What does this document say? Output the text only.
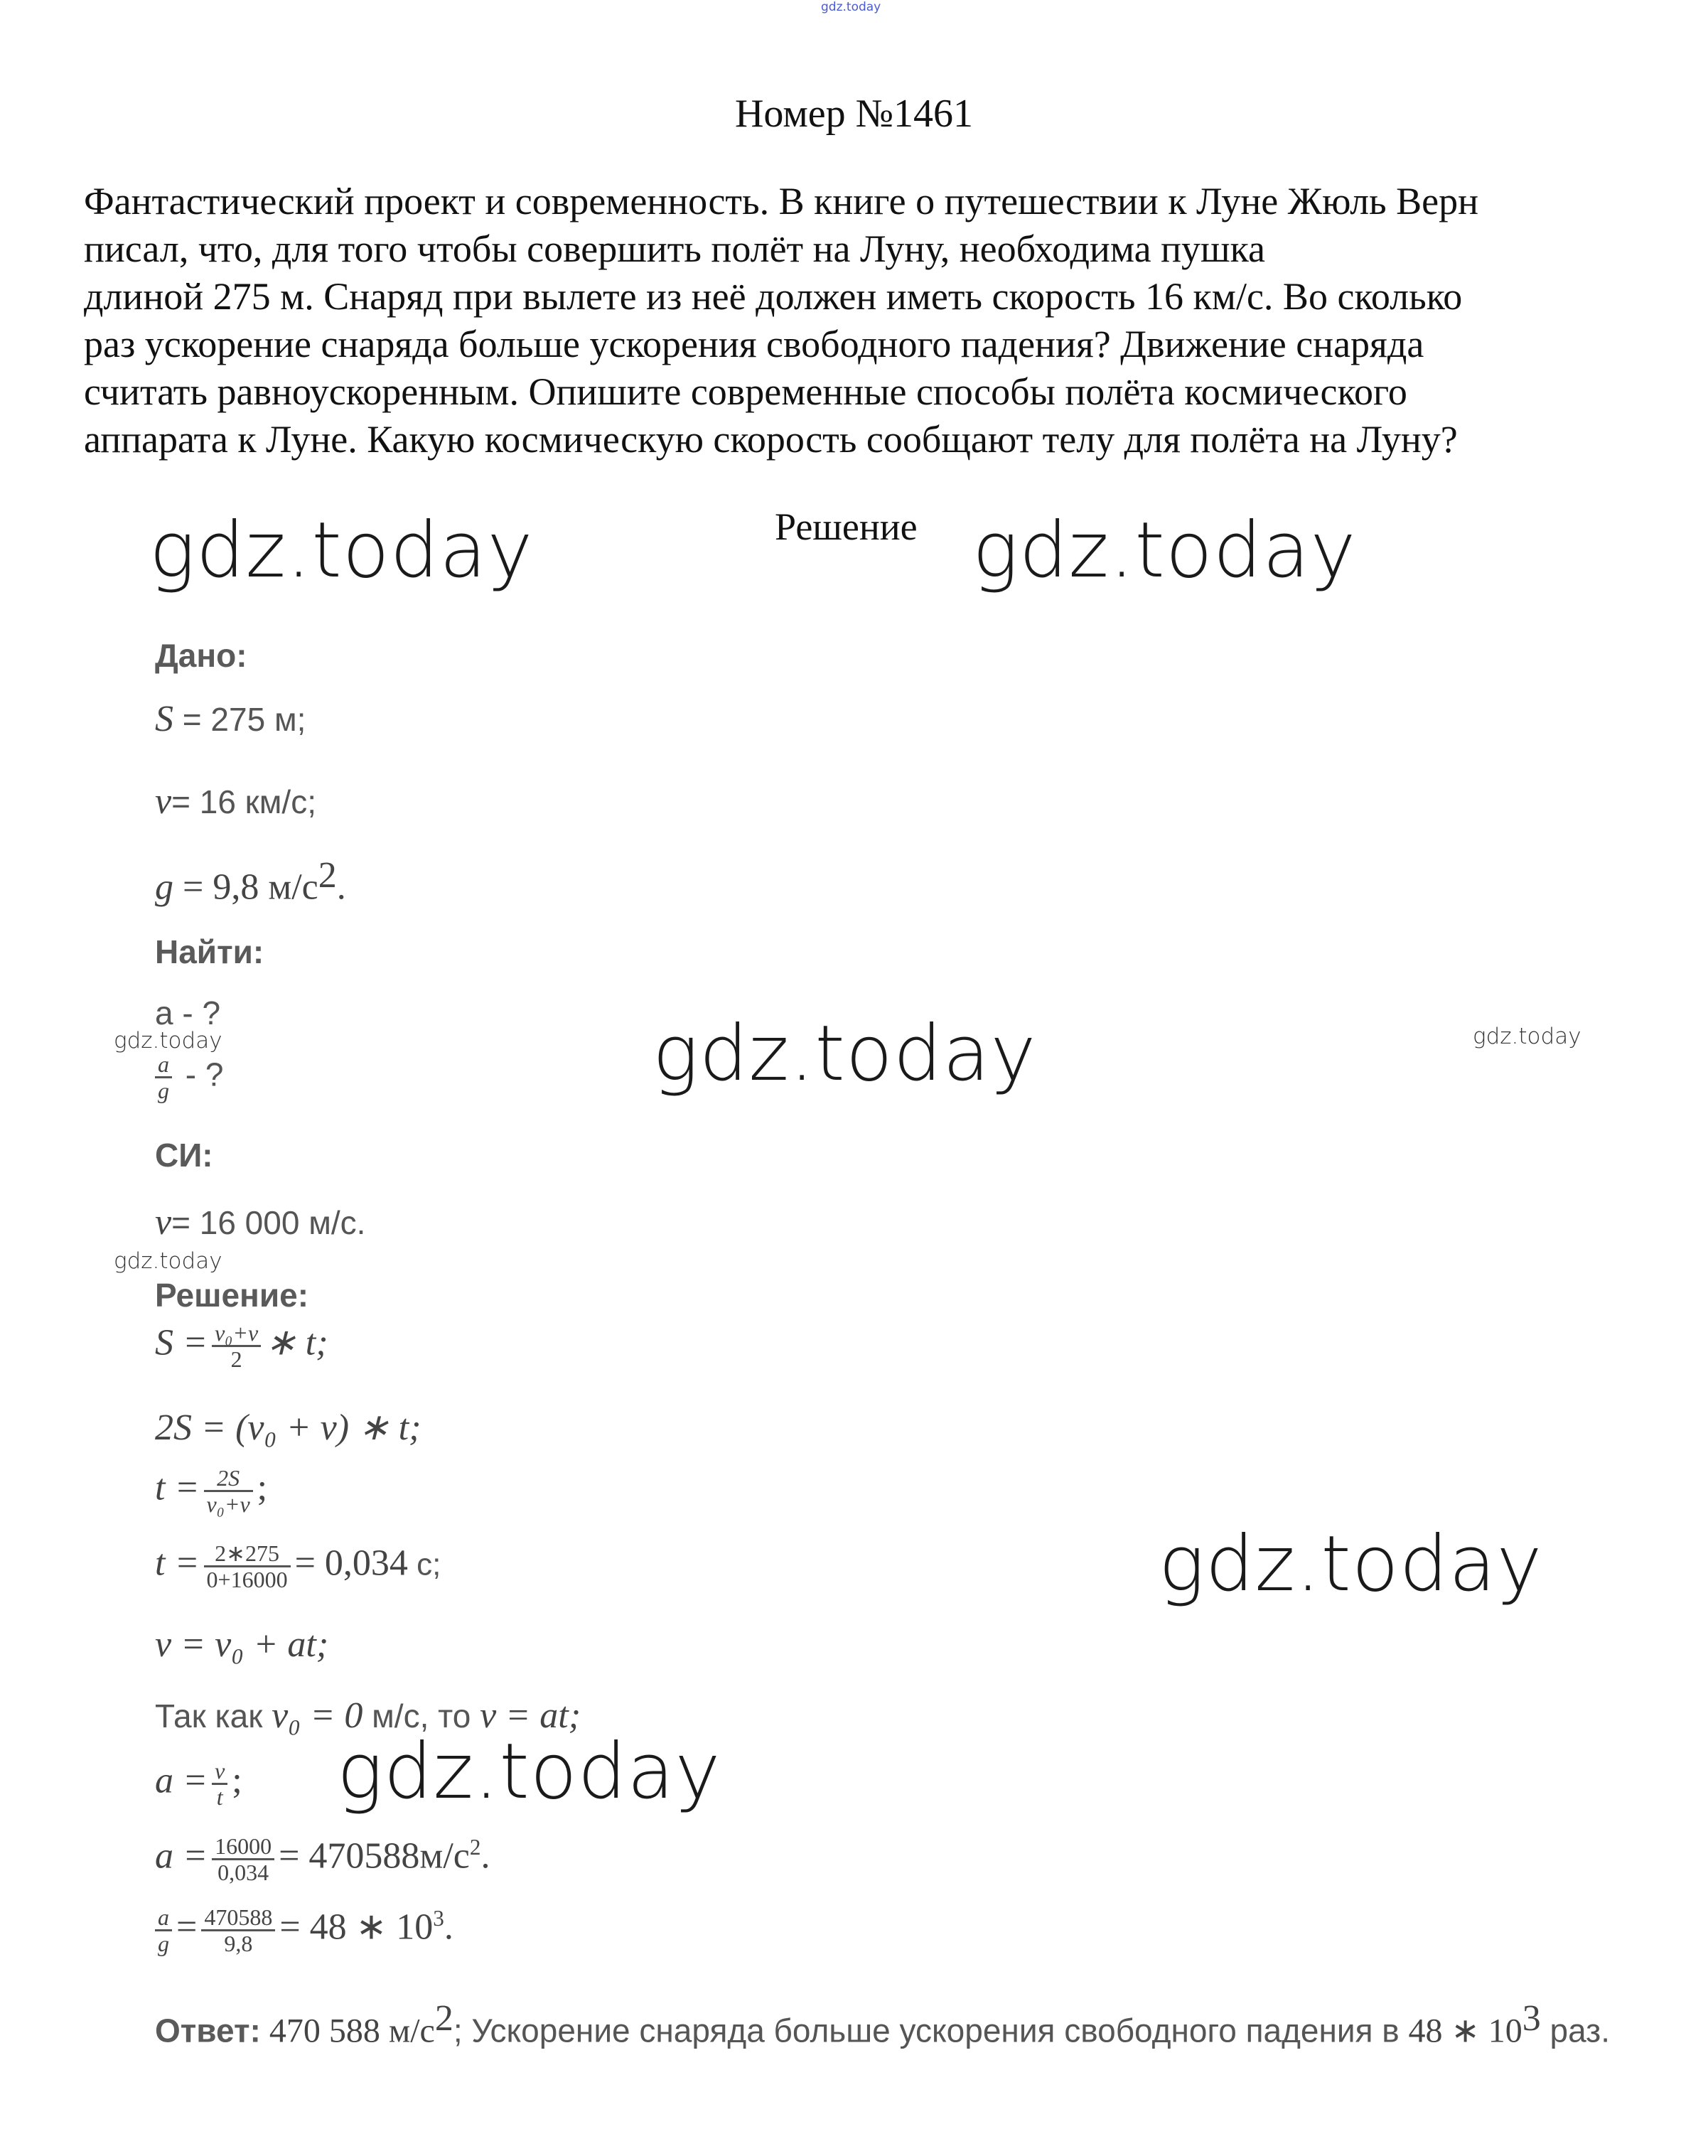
gdz.today
Номер №1461
Фантастический проект и современность. В книге о путешествии к Луне Жюль Верн
писал, что, для того чтобы совершить полёт на Луну, необходима пушка
длиной 275 м. Снаряд при вылете из неё должен иметь скорость 16 км/с. Во сколько
раз ускорение снаряда больше ускорения свободного падения? Движение снаряда
считать равноускоренным. Опишите современные способы полёта космического
аппарата к Луне. Какую космическую скорость сообщают телу для полёта на Луну?
Решение
gdz.today	gdz.today
gdz.today
gdz.today
gdz.today
gdz.today	gdz.today
gdz.today
Дано:
S = 275 м;
v= 16 км/с;
g = 9,8 $м/с^2$.
Найти:
а - ?
$\frac{a}{g}$ - ?
СИ:
v= 16 000 м/с.
Решение:
$S = \frac{\text{v₀+v}}{2}$ ∗ t;
2S = (v₀ + v) ∗ t;
$t = \frac{2S}{\text{v₀+v}}$ ;
$t = \frac{2∗275}{0+16000} = 0,034$ с;
v = v₀ + at;
Так как v₀ = 0 м/с, то v = at;
$a = \frac{v}{t}$ ;
$a = \frac{16000}{0,034} = 470588м/с^2$.
$\frac{a}{g} = \frac{470588}{9,8} = 48$ ∗ $10^3$.
Ответ: 470 588 $м/с^2$; Ускорение снаряда больше ускорения свободного падения в 48 ∗ $10^3$ раз.
